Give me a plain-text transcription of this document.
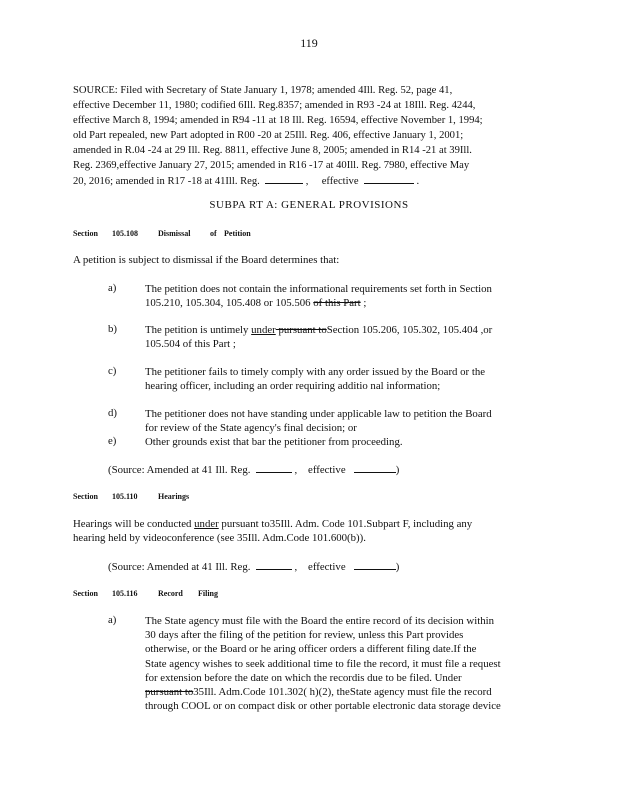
119
SOURCE: Filed with Secretary of State January 1, 1978; amended 4Ill. Reg. 52, page 41,
effective December 11, 1980; codified 6Ill. Reg.8357; amended in R93 -24 at 18Ill. Reg. 4244,
effective March 8, 1994; amended in R94 -11 at 18 Ill. Reg. 16594, effective November 1, 1994;
old Part repealed, new Part adopted in R00 -20 at 25Ill. Reg. 406, effective January 1, 2001;
amended in R.04 -24 at 29 Ill. Reg. 8811, effective June 8, 2005; amended in R14 -21 at 39Ill.
Reg. 2369,effective January 27, 2015; amended in R16 -17 at 40Ill. Reg. 7980, effective May
20, 2016; amended in R17 -18 at 41Ill. Reg.	,     effective	.
SUBPA RT A: GENERAL PROVISIONS
Section 105.108	Dismissal of Petition
A petition is subject to dismissal if the Board determines that:
a)	The petition does not contain the informational requirements set forth in Section
105.210, 105.304, 105.408 or 105.506 of this Part ;
b)	The petition is untimely under pursuant toSection 105.206, 105.302, 105.404 ,or
105.504 of this Part ;
c)	The petitioner fails to timely comply with any order issued by the Board or the
hearing officer, including an order requiring additio nal information;
d)	The petitioner does not have standing under applicable law to petition the Board
for review of the State agency's final decision; or
e)	Other grounds exist that bar the petitioner from proceeding.
(Source: Amended at 41 Ill. Reg.	,    effective	)
Section 105.110	Hearings
Hearings will be conducted under pursuant to35Ill. Adm. Code 101.Subpart F, including any
hearing held by videoconference (see 35Ill. Adm.Code 101.600(b)).
(Source: Amended at 41 Ill. Reg.	,    effective	)
Section 105.116	Record Filing
a)	The State agency must file with the Board the entire record of its decision within
30 days after the filing of the petition for review, unless this Part provides
otherwise, or the Board or he aring officer orders a different filing date.If the
State agency wishes to seek additional time to file the record, it must file a request
for extension before the date on which the recordis due to be filed. Under
pursuant to35Ill. Adm.Code 101.302( h)(2), theState agency must file the record
through COOL or on compact disk or other portable electronic data storage device
